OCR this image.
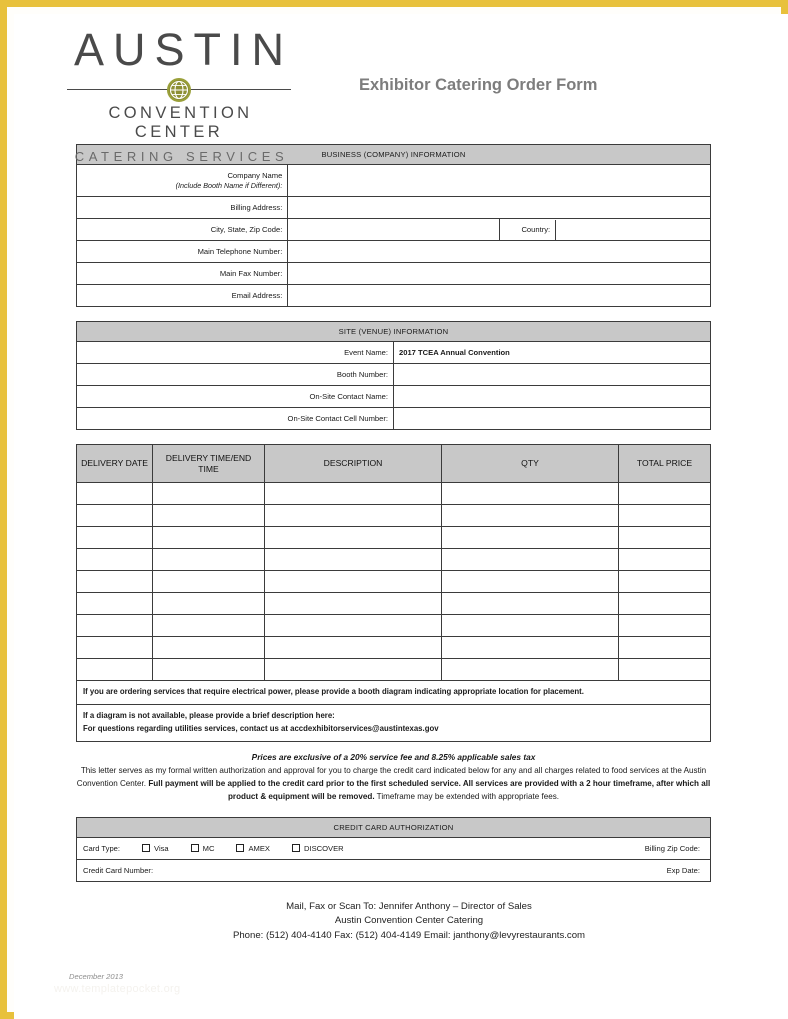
AUSTIN
CONVENTION CENTER
CATERING SERVICES
Exhibitor Catering Order Form
BUSINESS (COMPANY) INFORMATION
Company Name
(Include Booth Name if Different):	
Billing Address:	
City, State, Zip Code:			Country:	

Main Telephone Number:	
Main Fax Number:	
Email Address:	
SITE (VENUE) INFORMATION	
Event Name:	2017 TCEA Annual Convention
Booth Number:	
On-Site Contact Name:	
On-Site Contact Cell Number:	
DELIVERY DATE	DELIVERY TIME/END TIME	DESCRIPTION	QTY	TOTAL PRICE

If you are ordering services that require electrical power, please provide a booth diagram indicating appropriate location for placement.				

If a diagram is not available, please provide a brief description here:
For questions regarding utilities services, contact us at accdexhibitorservices@austintexas.gov				
Prices are exclusive of a 20% service fee and 8.25% applicable sales tax
This letter serves as my formal written authorization and approval for you to charge the credit card indicated below for any and all charges related to food services at the Austin Convention Center. Full payment will be applied to the credit card prior to the first scheduled service. All services are provided with a 2 hour timeframe, after which all product & equipment will be removed. Timeframe may be extended with appropriate fees.
CREDIT CARD AUTHORIZATION

Card Type:	Visa	MC	AMEX	DISCOVER	Billing Zip Code:

Credit Card Number:	Exp Date:
Mail, Fax or Scan To: Jennifer Anthony – Director of Sales
Austin Convention Center Catering
Phone: (512) 404-4140 Fax: (512) 404-4149 Email: janthony@levyrestaurants.com
December 2013
www.templatepocket.org
